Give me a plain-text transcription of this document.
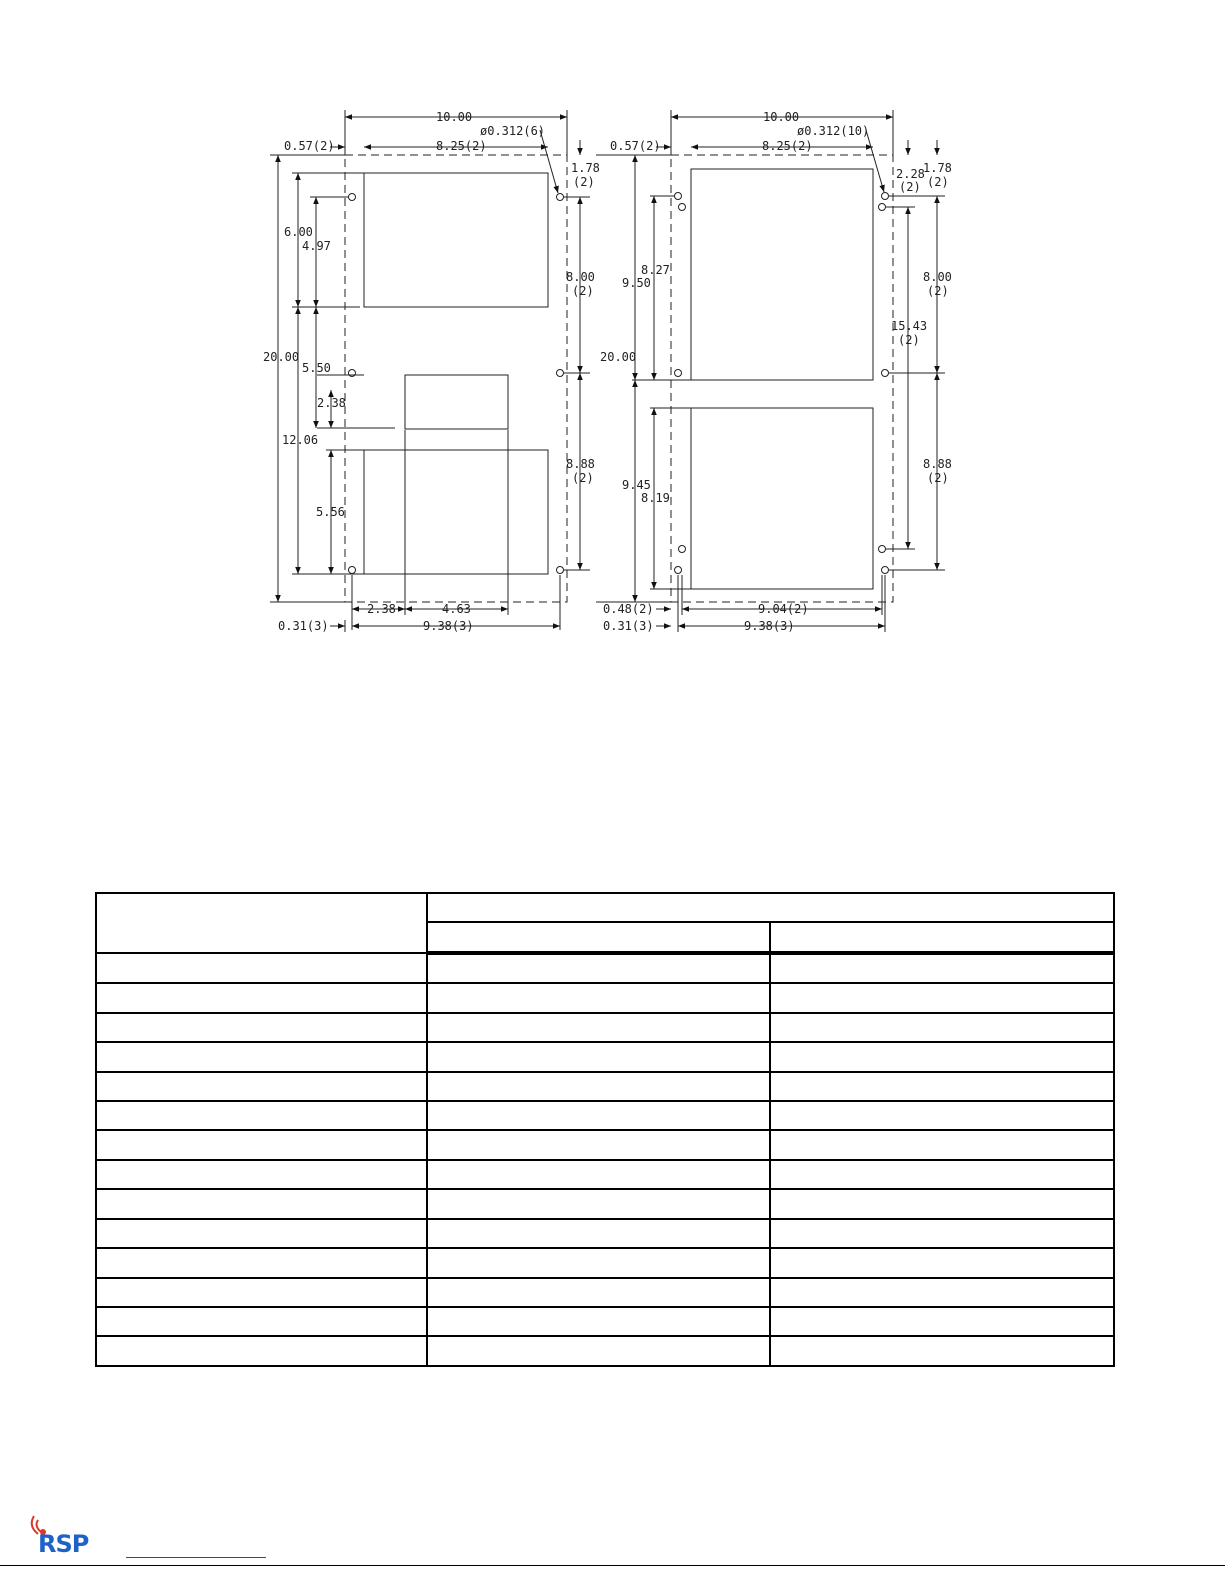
10.00
ø0.312(6)
0.57(2)	8.25(2)
1.78
(2)
6.00
4.97
8.00
(2)
20.00
5.50
2.38
12.06
8.88
(2)
5.56
2.38	4.63
0.31(3)	9.38(3)
10.00
ø0.312(10)
0.57(2)	8.25(2)
2.28
(2)
1.78
(2)
8.27
9.50	8.00
(2)
15.43
(2)
20.00
9.45
8.19
8.88
(2)
0.48(2)	9.04(2)
0.31(3)	9.38(3)

RSP
